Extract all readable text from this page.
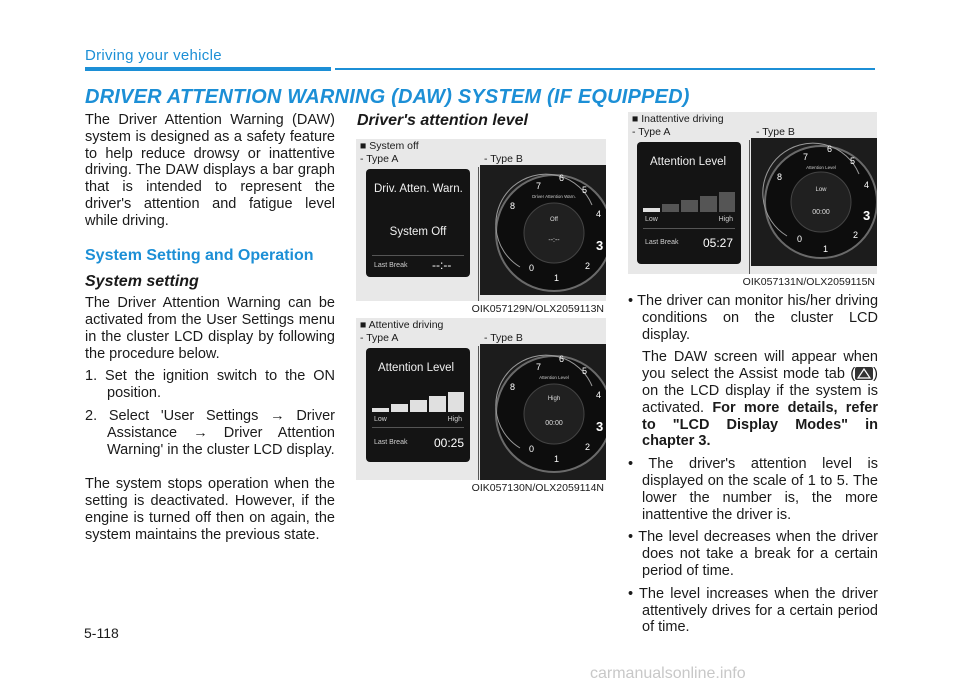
Driving your vehicle
DRIVER ATTENTION WARNING (DAW) SYSTEM (IF EQUIPPED)

The Driver Attention Warning (DAW) system is designed as a safety feature to help reduce drowsy or inattentive driving. The DAW displays a bar graph that is intended to represent the driver's attention and fatigue level while driving.

System Setting and Operation

System setting

The Driver Attention Warning can be activated from the User Settings menu in the cluster LCD display by following the procedure below.

1. Set the ignition switch to the ON position.

2. Select 'User Settings → Driver Assistance → Driver Attention Warning' in the cluster LCD display.

The system stops operation when the setting is deactivated. However, if the engine is turned off then on again, the system maintains the previous state.

Driver's attention level
■ System off
- Type A	- Type B
Driv. Atten. Warn.
System Off
Last Break --:--	0
1
2
3
4
5
6
7
8
Driver Attention Warn.
Off
--:--
OIK057129N/OLX2059113N
■ Attentive driving
- Type A	- Type B
Attention Level
Low	High
Last Break 00:25	0
1
2
3
4
5
6
7
8
Attention Level
High
00:00
OIK057130N/OLX2059114N
■ Inattentive driving
- Type A	- Type B
Attention Level
Low	High
Last Break 05:27	0
1
2
3
4
5
6
7
8
Attention Level
Low
00:00
OIK057131N/OLX2059115N

• The driver can monitor his/her driving conditions on the cluster LCD display.

The DAW screen will appear when you select the Assist mode tab ( ) on the LCD display if the system is activated. For more details, refer to "LCD Display Modes" in chapter 3.

• The driver's attention level is displayed on the scale of 1 to 5. The lower the number is, the more inattentive the driver is.

• The level decreases when the driver does not take a break for a certain period of time.

• The level increases when the driver attentively drives for a certain period of time.

5-118
carmanualsonline.info
